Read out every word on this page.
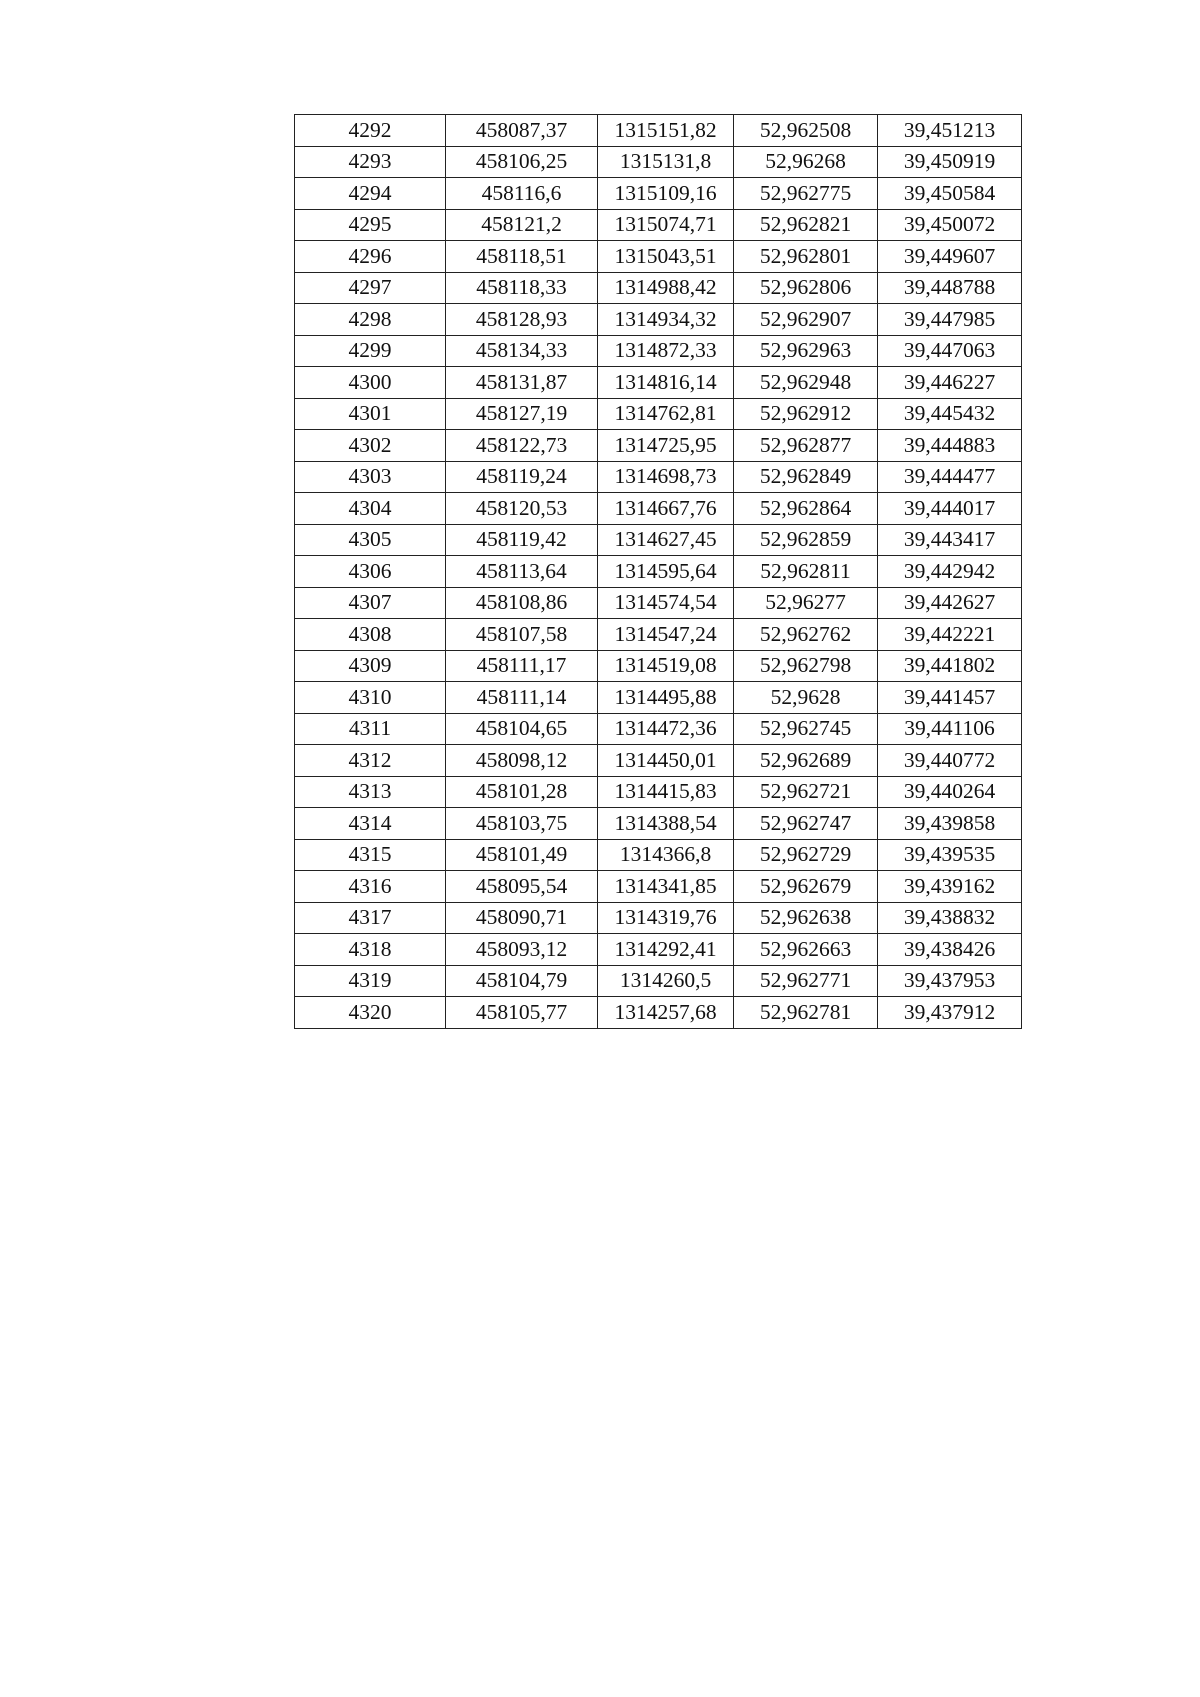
4292	458087,37	1315151,82	52,962508	39,451213
4293	458106,25	1315131,8	52,96268	39,450919
4294	458116,6	1315109,16	52,962775	39,450584
4295	458121,2	1315074,71	52,962821	39,450072
4296	458118,51	1315043,51	52,962801	39,449607
4297	458118,33	1314988,42	52,962806	39,448788
4298	458128,93	1314934,32	52,962907	39,447985
4299	458134,33	1314872,33	52,962963	39,447063
4300	458131,87	1314816,14	52,962948	39,446227
4301	458127,19	1314762,81	52,962912	39,445432
4302	458122,73	1314725,95	52,962877	39,444883
4303	458119,24	1314698,73	52,962849	39,444477
4304	458120,53	1314667,76	52,962864	39,444017
4305	458119,42	1314627,45	52,962859	39,443417
4306	458113,64	1314595,64	52,962811	39,442942
4307	458108,86	1314574,54	52,96277	39,442627
4308	458107,58	1314547,24	52,962762	39,442221
4309	458111,17	1314519,08	52,962798	39,441802
4310	458111,14	1314495,88	52,9628	39,441457
4311	458104,65	1314472,36	52,962745	39,441106
4312	458098,12	1314450,01	52,962689	39,440772
4313	458101,28	1314415,83	52,962721	39,440264
4314	458103,75	1314388,54	52,962747	39,439858
4315	458101,49	1314366,8	52,962729	39,439535
4316	458095,54	1314341,85	52,962679	39,439162
4317	458090,71	1314319,76	52,962638	39,438832
4318	458093,12	1314292,41	52,962663	39,438426
4319	458104,79	1314260,5	52,962771	39,437953
4320	458105,77	1314257,68	52,962781	39,437912
